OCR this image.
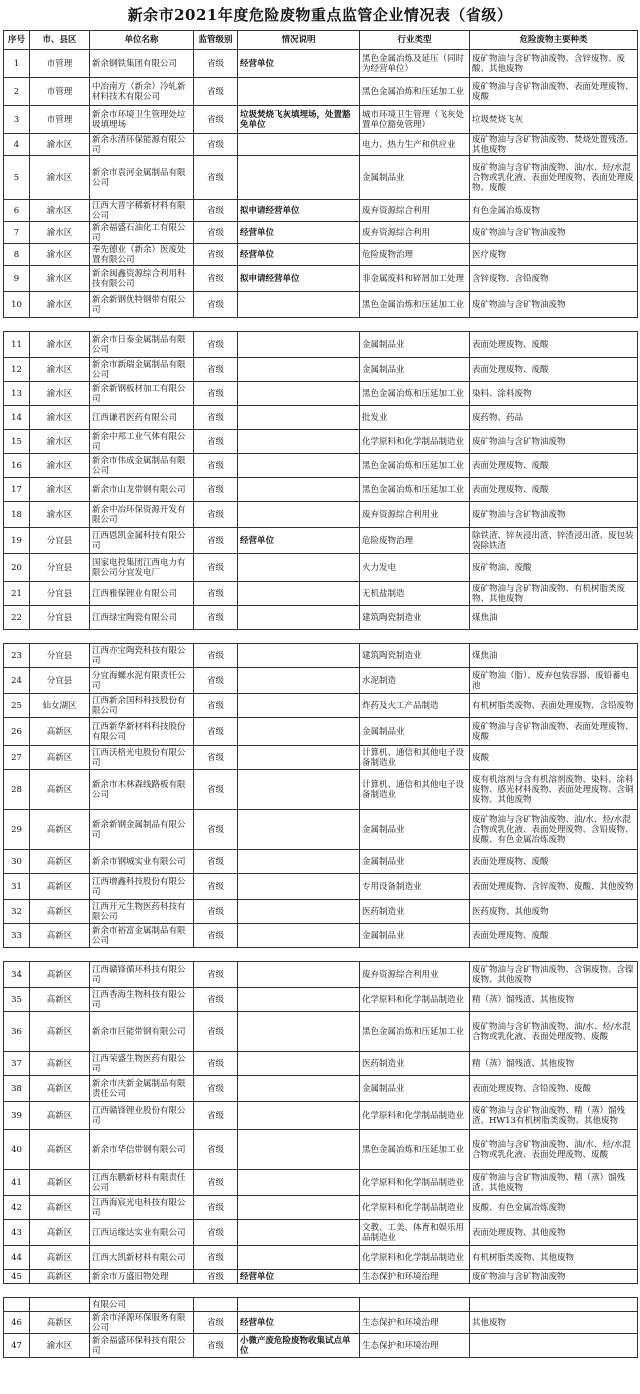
新余市2021年度危险废物重点监管企业情况表（省级）
序号	市、县区	单位名称	监管级别	情况说明	行业类型	危险废物主要种类
1	市管理	新余钢铁集团有限公司	省级	经营单位	黑色金属冶炼及延压（同时为经营单位）	废矿物油与含矿物油废物、含锌废物、废酸、其他废物
2	市管理	中冶南方（新余）冷轧新材料技术有限公司	省级		黑色金属冶炼和压延加工业	废矿物油与含矿物油废物、表面处理废物、废酸
3	市管理	新余市环境卫生管理处垃圾填埋场	省级	垃圾焚烧飞灰填埋场，处置豁免单位	城市环境卫生管理（飞灰处置单位豁免管理）	垃圾焚烧飞灰
4	渝水区	新余永清环保能源有限公司	省级		电力、热力生产和供应业	废矿物油与含矿物油废物、焚烧处置残渣、其他废物
5	渝水区	新余市袁河金属制品有限公司	省级		金属制品业	废矿物油与含矿物油废物、油/水、烃/水混合物或乳化液、表面处理废物、表面处理废物、废酸
6	渝水区	江西大晋字稀新材料有限公司	省级	拟申请经营单位	废弃资源综合利用	有色金属冶炼废物
7	渝水区	新余福盛石油化工有限公司	省级	经营单位	废弃资源综合利用	废矿物油与含矿物油废物
8	渝水区	奉先德业（新余）医废处置有限公司	省级	经营单位	危险废物治理	医疗废物
9	渝水区	新余闽鑫资源综合利用科技有限公司	省级	拟申请经营单位	非金属废料和碎屑加工处理	含锌废物、含铅废物
10	渝水区	新余新钢优特钢带有限公司	省级		黑色金属冶炼和压延加工业	废矿物油与含矿物油废物

11	渝水区	新余市日泰金属制品有限公司	省级		金属制品业	表面处理废物、废酸
12	渝水区	新余市新瑞金属制品有限公司	省级		金属制品业	表面处理废物、废酸
13	渝水区	新余新钢板材加工有限公司	省级		黑色金属冶炼和压延加工业	染料、涂料废物
14	渝水区	江西谦君医药有限公司	省级		批发业	废药物、药品
15	渝水区	新余中邦工业气体有限公司	省级		化学原料和化学制品制造业	废矿物油与含矿物油废物
16	渝水区	新余市伟成金属制品有限公司	省级		黑色金属冶炼和压延加工业	表面处理废物、废酸
17	渝水区	新余市山龙带钢有限公司	省级		黑色金属冶炼和压延加工业	表面处理废物、废酸
18	渝水区	新余中冶环保资源开发有限公司	省级		废弃资源综合利用业	废矿物油与含矿物油废物
19	分宜县	江西恩凯金属科技有限公司	省级	经营单位	危险废物治理	除铁渣、锌灰浸出渣、锌渣浸出渣、废包装袋除铁渣
20	分宜县	国家电投集团江西电力有限公司分宜发电厂	省级		火力发电	废矿物油、废酸
21	分宜县	江西雅保锂业有限公司	省级		无机盐制造	废矿物油与含矿物油废物、有机树脂类废物、其他废物
22	分宜县	江西绿宝陶瓷有限公司	省级		建筑陶瓷制造业	煤焦油

23	分宜县	江西亦宝陶瓷科技有限公司	省级		建筑陶瓷制造业	煤焦油
24	分宜县	分宜海螺水泥有限责任公司	省级		水泥制造	废矿物油（脂）、废弃包装容器、废铅蓄电池
25	仙女湖区	江西新余国科科技股份有限公司	省级		炸药及火工产品制造	有机树脂类废物、表面处理废物、含铅废物
26	高新区	江西新华新材料科技股份有限公司	省级		金属制品业	废矿物油与含矿物油废物、表面处理废物、废酸
27	高新区	江西沃格光电股份有限公司	省级		计算机、通信和其他电子设备制造业	废酸
28	高新区	新余市木林森线路板有限公司	省级		计算机、通信和其他电子设备制造业	废有机溶剂与含有机溶剂废物、染料、涂料废物、感光材料废物、表面处理废物、含铜废物、其他废物
29	高新区	新余新钢金属制品有限公司	省级		金属制品业	废矿物油与含矿物油废物、油/水、烃/水混合物或乳化液、表面处理废物、含铅废物、废酸、有色金属冶炼废物
30	高新区	新余市钢城实业有限公司	省级		金属制品业	表面处理废物、废酸
31	高新区	江西增鑫科技股份有限公司	省级		专用设备制造业	表面处理废物、含锌废物、废酸、其他废物
32	高新区	江西开元生物医药科技有限公司	省级		医药制造业	医药废物、其他废物
33	高新区	新余市裕富金属制品有限公司	省级		金属制品业	表面处理废物、废酸

34	高新区	江西赣锋循环科技有限公司	省级		废弃资源综合利用业	废矿物油与含矿物油废物、含铜废物、含镍废物、其他废物
35	高新区	江西香海生物科技有限公司	省级		化学原料和化学制品制造业	精（蒸）馏残渣、其他废物
36	高新区	新余市巨能带钢有限公司	省级		黑色金属冶炼和压延加工业	废矿物油与含矿物油废物、油/水、烃/水混合物或乳化液、表面处理废物、废酸
37	高新区	江西荣盛生物医药有限公司	省级		医药制造业	精（蒸）馏残渣、其他废物
38	高新区	新余市庆新金属制品有限责任公司	省级		金属制品业	表面处理废物、含铅废物、废酸
39	高新区	江西赣锋锂业股份有限公司	省级		化学原料和化学制品制造业	废矿物油与含矿物油废物、精（蒸）馏残渣、HW13有机树脂类废物、其他废物
40	高新区	新余市华信带钢有限公司	省级		黑色金属冶炼和压延加工业	废矿物油与含矿物油废物、油/水、烃/水混合物或乳化液、表面处理废物、废酸
41	高新区	江西东鹏新材料有限责任公司	省级		化学原料和化学制品制造业	废矿物油与含矿物油废物、精（蒸）馏残渣、其他废物
42	高新区	江西海宸光电科技有限公司	省级		化学原料和化学制品制造业	废酸、有色金属冶炼废物
43	高新区	江西运缘达实业有限公司	省级		文教、工美、体育和娱乐用品制造业	表面处理废物、其他废物
44	高新区	江西大凯新材料有限公司	省级		化学原料和化学制品制造业	有机树脂类废物、其他废物
45	高新区	新余市万盛旧物处理	省级	经营单位	生态保护和环境治理	废矿物油与含矿物油废物

		有限公司				
46	高新区	新余市泽源环保服务有限公司	省级	经营单位	生态保护和环境治理	其他废物
47	渝水区	新余福盛环保科技有限公司	省级	小微产废危险废物收集试点单位	生态保护和环境治理	
